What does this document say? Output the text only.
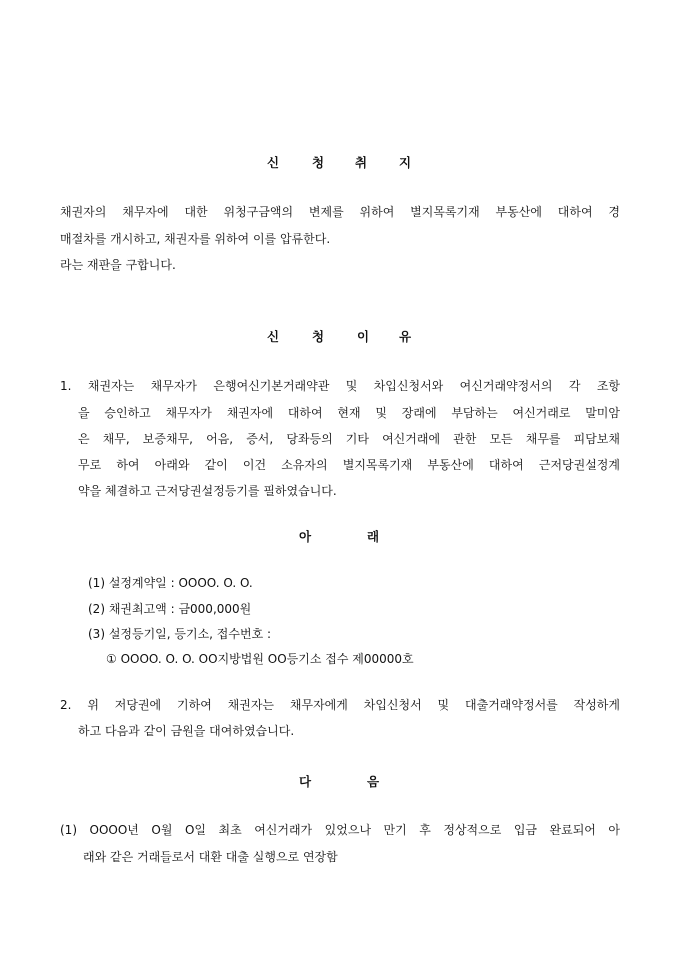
신	청 취	지
채권자의 채무자에 대한 위청구금액의 변제를 위하여 별지목록기재 부동산에 대하여 경
매절차를 개시하고, 채권자를 위하여 이를 압류한다.
라는 재판을 구합니다.
신	청	이 유
1. 채권자는 채무자가 은행여신기본거래약관 및 차입신청서와 여신거래약정서의 각 조항
을 승인하고 채무자가 채권자에 대하여 현재 및 장래에 부담하는 여신거래로 말미암
은 채무, 보증채무, 어음, 증서, 당좌등의 기타 여신거래에 관한 모든 채무를 피담보채
무로 하여 아래와 같이 이건 소유자의 별지목록기재 부동산에 대하여 근저당권설정계
약을 체결하고 근저당권설정등기를 필하였습니다.
아	래
(1) 설정계약일 : OOOO. O. O.
(2) 채권최고액 : 금000,000원
(3) 설정등기일, 등기소, 접수번호 :
① OOOO. O. O. OO지방법원 OO등기소 접수 제00000호
2. 위 저당권에 기하여 채권자는 채무자에게 차입신청서 및 대출거래약정서를 작성하게
하고 다음과 같이 금원을 대여하였습니다.
다	음
(1) OOOO년 O월 O일 최초 여신거래가 있었으나 만기 후 정상적으로 입금 완료되어 아
래와 같은 거래들로서 대환 대출 실행으로 연장함
